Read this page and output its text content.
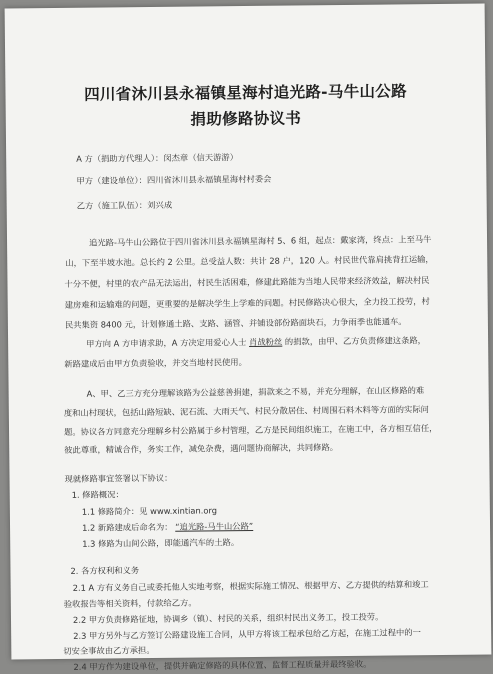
四川省沐川县永福镇星海村追光路-马牛山公路
捐助修路协议书
A 方（捐助方代理人）：闵杰章（信天游游）
甲方（建设单位）：四川省沐川县永福镇星海村村委会
乙方（施工队伍）：刘兴成
追光路-马牛山公路位于四川省沐川县永福镇星海村 5、6 组，起点：戴家湾，终点：上至马牛
山，下至半坡水池。总长约 2 公里。总受益人数：共计 28 户，120 人。村民世代靠肩挑背扛运输，
十分不便，村里的农产品无法运出，村民生活困难，修建此路能为当地人民带来经济效益，解决村民
建房难和运输难的问题，更重要的是解决学生上学难的问题。村民修路决心很大，全力投工投劳，村
民共集资 8400 元，计划修通土路、支路、涵管、并铺设部份路面块石，力争雨季也能通车。
甲方向 A 方申请求助，A 方决定用爱心人士 肖战粉丝 的捐款，由甲、乙方负责修建这条路，
新路建成后由甲方负责验收，并交当地村民使用。
A、甲、乙三方充分理解该路为公益慈善捐建，捐款来之不易，并充分理解，在山区修路的难
度和山村现状，包括山路短缺、泥石流、大雨天气、村民分散居住、村周围石料木料等方面的实际问
题。协议各方同意充分理解乡村公路属于乡村管理，乙方是民间组织施工，在施工中，各方相互信任，
彼此尊重，精诚合作，务实工作，减免杂费，遇问题协商解决，共同修路。
现就修路事宜签署以下协议：
1. 修路概况：
1.1 修路简介：见 www.xintian.org
1.2 新路建成后命名为： “追光路-马牛山公路”
1.3 修路为山间公路，即能通汽车的土路。
2. 各方权利和义务
2.1 A 方有义务自己或委托他人实地考察，根据实际施工情况、根据甲方、乙方提供的结算和竣工
验收报告等相关资料，付款给乙方。
2.2 甲方负责修路征地，协调乡（镇）、村民的关系，组织村民出义务工，投工投劳。
2.3 甲方另外与乙方签订公路建设施工合同，从甲方将该工程承包给乙方起，在施工过程中的一
切安全事故由乙方承担。
2.4 甲方作为建设单位，提供并确定修路的具体位置、监督工程质量并最终验收。
